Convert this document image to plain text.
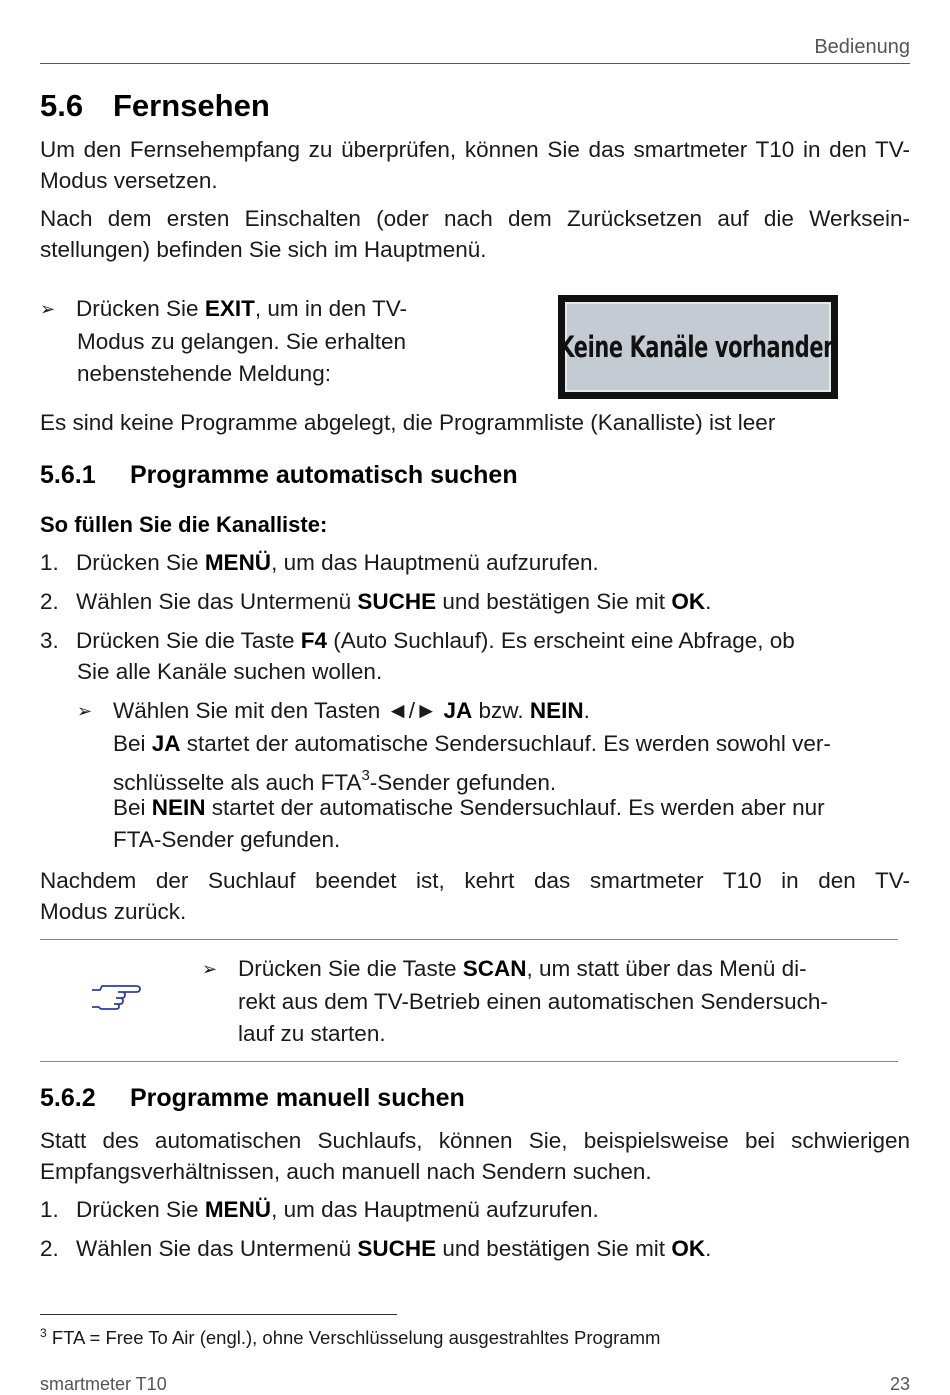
Bedienung
5.6 Fernsehen
Um den Fernsehempfang zu überprüfen, können Sie das smartmeter T10 in den TV-Modus versetzen.
Nach dem ersten Einschalten (oder nach dem Zurücksetzen auf die Werksein-
stellungen) befinden Sie sich im Hauptmenü.
➢ Drücken Sie EXIT, um in den TV-
Modus zu gelangen. Sie erhalten
nebenstehende Meldung:
Keine Kanäle vorhanden
Es sind keine Programme abgelegt, die Programmliste (Kanalliste) ist leer
5.6.1 Programme automatisch suchen
So füllen Sie die Kanalliste:
1. Drücken Sie MENÜ, um das Hauptmenü aufzurufen.
2. Wählen Sie das Untermenü SUCHE und bestätigen Sie mit OK.
3. Drücken Sie die Taste F4 (Auto Suchlauf). Es erscheint eine Abfrage, ob
Sie alle Kanäle suchen wollen.
➢ Wählen Sie mit den Tasten ◄/► JA bzw. NEIN.
Bei JA startet der automatische Sendersuchlauf. Es werden sowohl ver-
schlüsselte als auch FTA$^3$-Sender gefunden.
Bei NEIN startet der automatische Sendersuchlauf. Es werden aber nur
FTA-Sender gefunden.
Nachdem der Suchlauf beendet ist, kehrt das smartmeter T10 in den TV-
Modus zurück.
➢ Drücken Sie die Taste SCAN, um statt über das Menü di-
rekt aus dem TV-Betrieb einen automatischen Sendersuch-
lauf zu starten.
5.6.2 Programme manuell suchen
Statt des automatischen Suchlaufs, können Sie, beispielsweise bei schwierigen
Empfangsverhältnissen, auch manuell nach Sendern suchen.
1. Drücken Sie MENÜ, um das Hauptmenü aufzurufen.
2. Wählen Sie das Untermenü SUCHE und bestätigen Sie mit OK.
$^3$ FTA = Free To Air (engl.), ohne Verschlüsselung ausgestrahltes Programm
smartmeter T10	23
